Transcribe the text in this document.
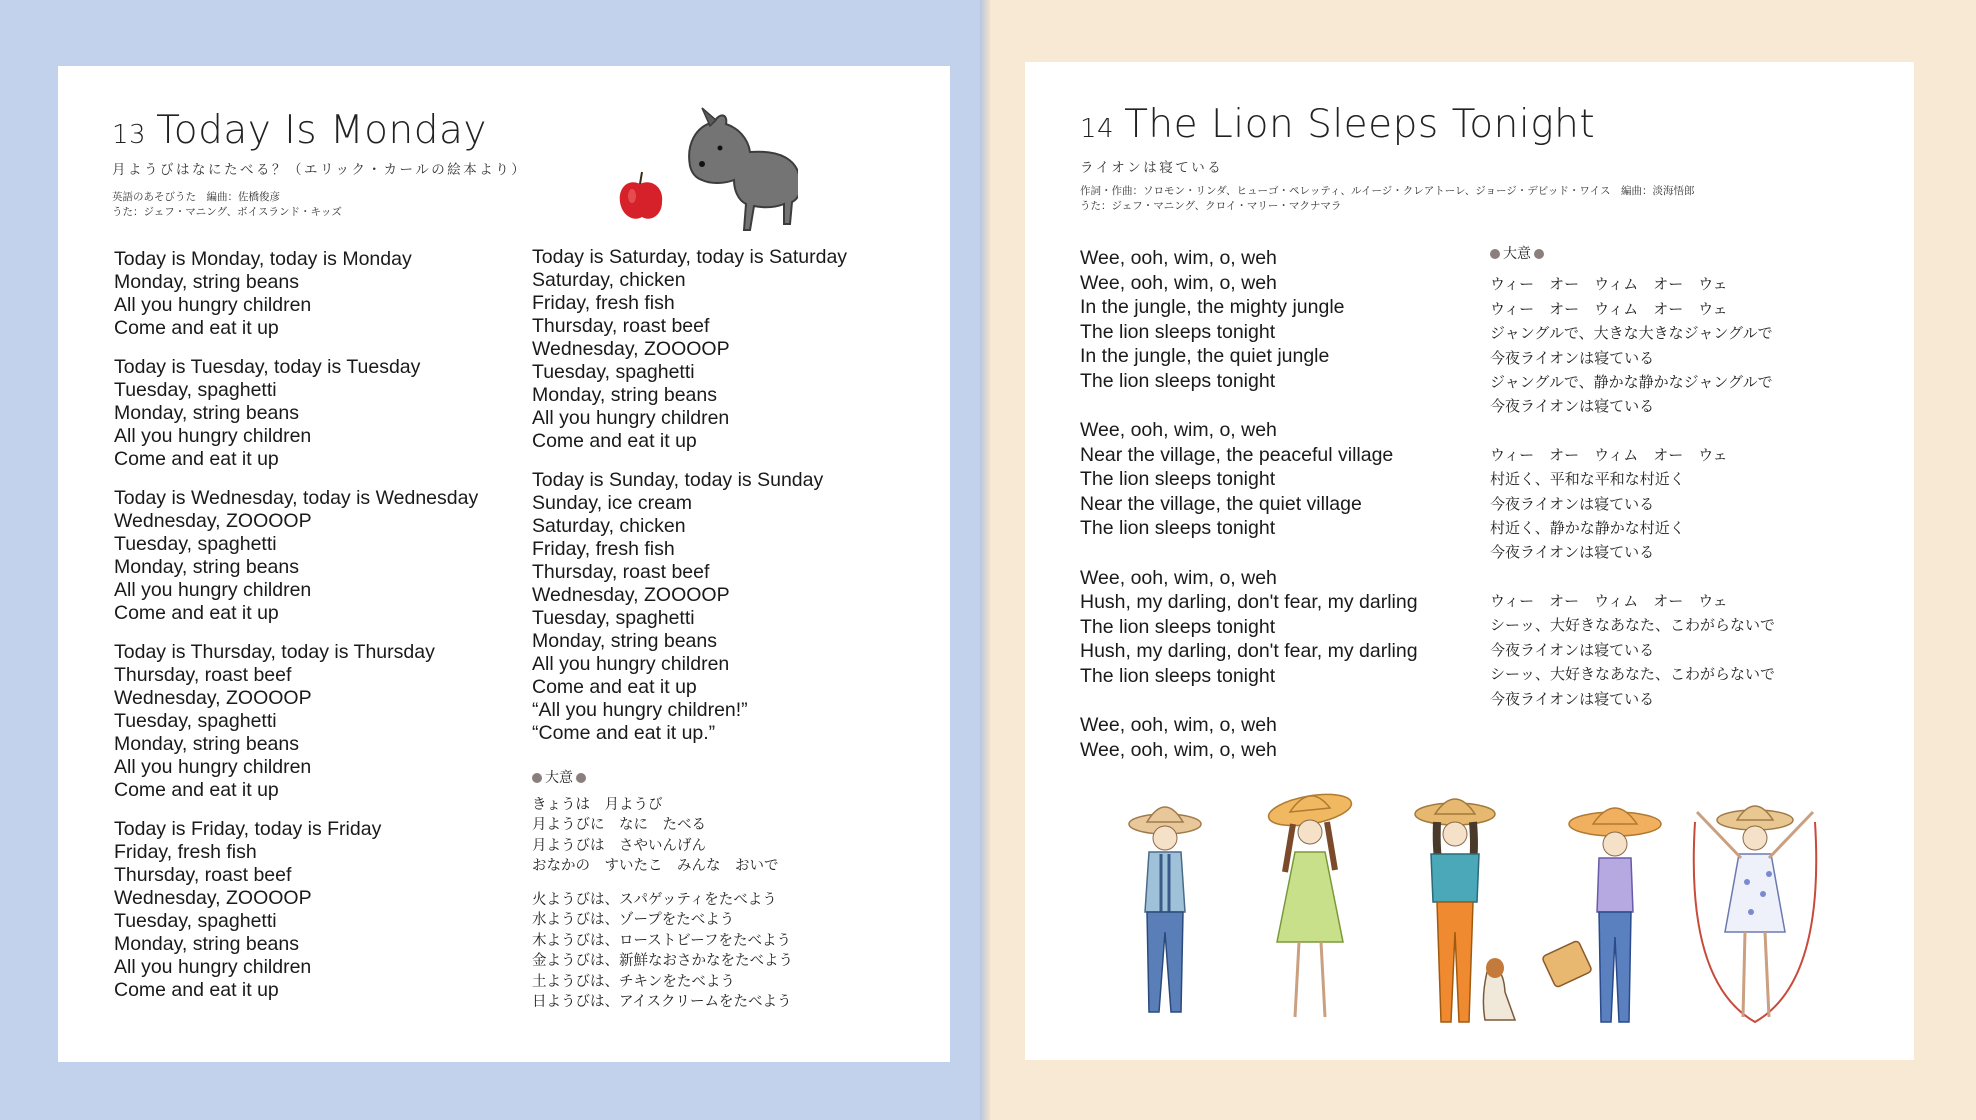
13 Today Is Monday
月ようびはなにたべる？（エリック・カールの絵本より）
英語のあそびうた　編曲：佐橋俊彦
うた：ジェフ・マニング、ボイスランド・キッズ
Today is Monday, today is Monday
Monday, string beans
All you hungry children
Come and eat it up
Today is Tuesday, today is Tuesday
Tuesday, spaghetti
Monday, string beans
All you hungry children
Come and eat it up
Today is Wednesday, today is Wednesday
Wednesday, ZOOOOP
Tuesday, spaghetti
Monday, string beans
All you hungry children
Come and eat it up
Today is Thursday, today is Thursday
Thursday, roast beef
Wednesday, ZOOOOP
Tuesday, spaghetti
Monday, string beans
All you hungry children
Come and eat it up
Today is Friday, today is Friday
Friday, fresh fish
Thursday, roast beef
Wednesday, ZOOOOP
Tuesday, spaghetti
Monday, string beans
All you hungry children
Come and eat it up
Today is Saturday, today is Saturday
Saturday, chicken
Friday, fresh fish
Thursday, roast beef
Wednesday, ZOOOOP
Tuesday, spaghetti
Monday, string beans
All you hungry children
Come and eat it up
Today is Sunday, today is Sunday
Sunday, ice cream
Saturday, chicken
Friday, fresh fish
Thursday, roast beef
Wednesday, ZOOOOP
Tuesday, spaghetti
Monday, string beans
All you hungry children
Come and eat it up
“All you hungry children!”
“Come and eat it up.”
大意
きょうは　月ようび
月ようびに　なに　たべる
月ようびは　さやいんげん
おなかの　すいたこ　みんな　おいで
火ようびは、スパゲッティをたべよう
水ようびは、ゾープをたべよう
木ようびは、ローストビーフをたべよう
金ようびは、新鮮なおさかなをたべよう
土ようびは、チキンをたべよう
日ようびは、アイスクリームをたべよう
14 The Lion Sleeps Tonight
ライオンは寝ている
作詞・作曲：ソロモン・リンダ、ヒューゴ・ペレッティ、ルイージ・クレアトーレ、ジョージ・デビッド・ワイス　編曲：淡海悟郎
うた：ジェフ・マニング、クロイ・マリー・マクナマラ
Wee, ooh, wim, o, weh
Wee, ooh, wim, o, weh
In the jungle, the mighty jungle
The lion sleeps tonight
In the jungle, the quiet jungle
The lion sleeps tonight
Wee, ooh, wim, o, weh
Near the village, the peaceful village
The lion sleeps tonight
Near the village, the quiet village
The lion sleeps tonight
Wee, ooh, wim, o, weh
Hush, my darling, don't fear, my darling
The lion sleeps tonight
Hush, my darling, don't fear, my darling
The lion sleeps tonight
Wee, ooh, wim, o, weh
Wee, ooh, wim, o, weh
大意
ウィー　オー　ウィム　オー　ウェ
ウィー　オー　ウィム　オー　ウェ
ジャングルで、大きな大きなジャングルで
今夜ライオンは寝ている
ジャングルで、静かな静かなジャングルで
今夜ライオンは寝ている
ウィー　オー　ウィム　オー　ウェ
村近く、平和な平和な村近く
今夜ライオンは寝ている
村近く、静かな静かな村近く
今夜ライオンは寝ている
ウィー　オー　ウィム　オー　ウェ
シーッ、大好きなあなた、こわがらないで
今夜ライオンは寝ている
シーッ、大好きなあなた、こわがらないで
今夜ライオンは寝ている
